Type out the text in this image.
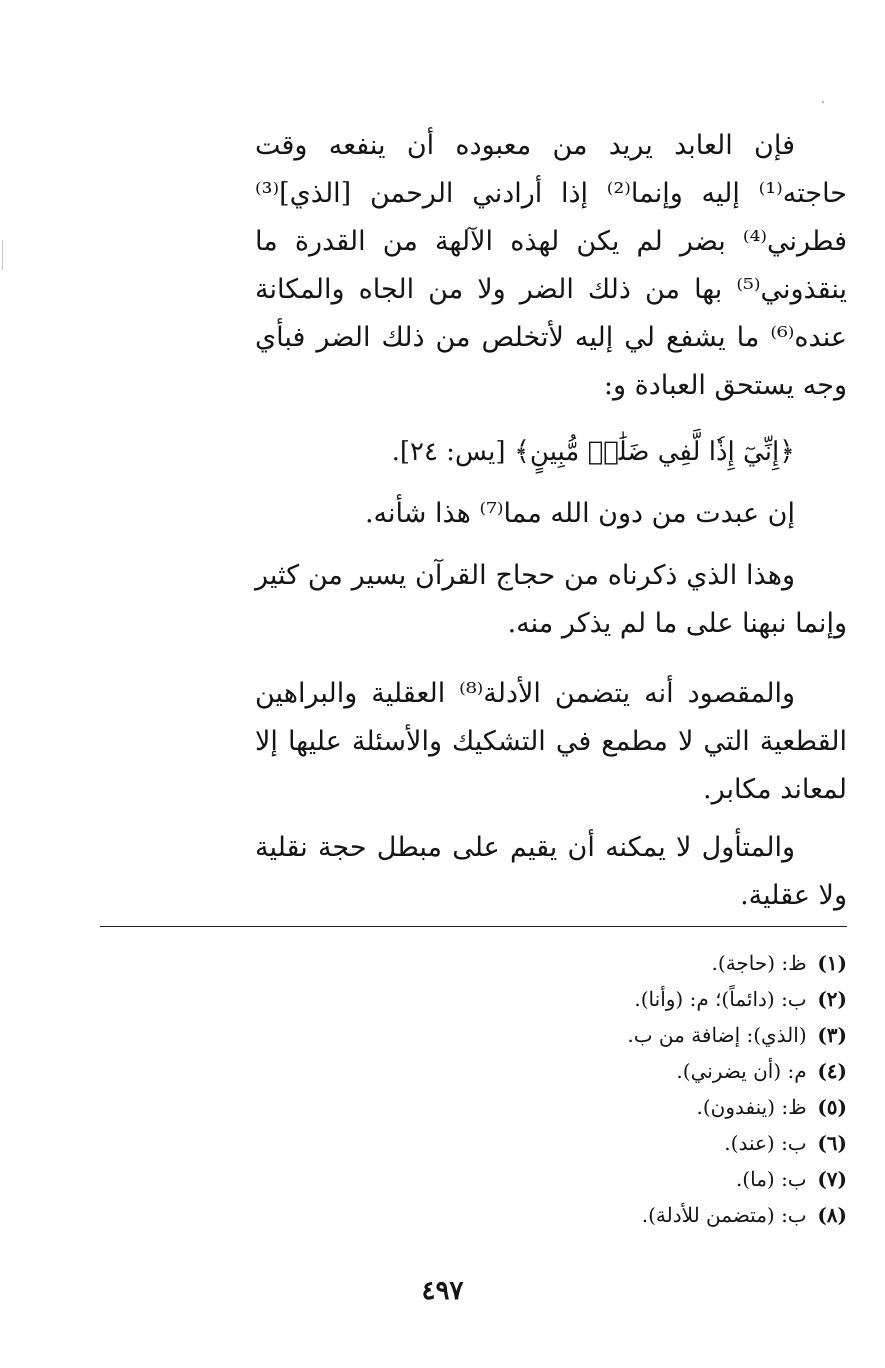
فإن العابد يريد من معبوده أن ينفعه وقت حاجته⁽¹⁾ إليه وإنما⁽²⁾ إذا أرادني الرحمن [الذي]⁽³⁾ فطرني⁽⁴⁾ بضر لم يكن لهذه الآلهة من القدرة ما ينقذوني⁽⁵⁾ بها من ذلك الضر ولا من الجاه والمكانة عنده⁽⁶⁾ ما يشفع لي إليه لأتخلص من ذلك الضر فبأي وجه يستحق العبادة و:

﴿إِنِّيٓ إِذٗا لَّفِي ضَلَٰلٖ مُّبِينٍ﴾ [يس: ٢٤].

إن عبدت من دون الله مما⁽⁷⁾ هذا شأنه.

وهذا الذي ذكرناه من حجاج القرآن يسير من كثير وإنما نبهنا على ما لم يذكر منه.

والمقصود أنه يتضمن الأدلة⁽⁸⁾ العقلية والبراهين القطعية التي لا مطمع في التشكيك والأسئلة عليها إلا لمعاند مكابر.

والمتأول لا يمكنه أن يقيم على مبطل حجة نقلية ولا عقلية.

(١) ظ: (حاجة).
(٢) ب: (دائماً)؛ م: (وأنا).
(٣) (الذي): إضافة من ب.
(٤) م: (أن يضرني).
(٥) ظ: (ينفدون).
(٦) ب: (عند).
(٧) ب: (ما).
(٨) ب: (متضمن للأدلة).
٤٩٧
